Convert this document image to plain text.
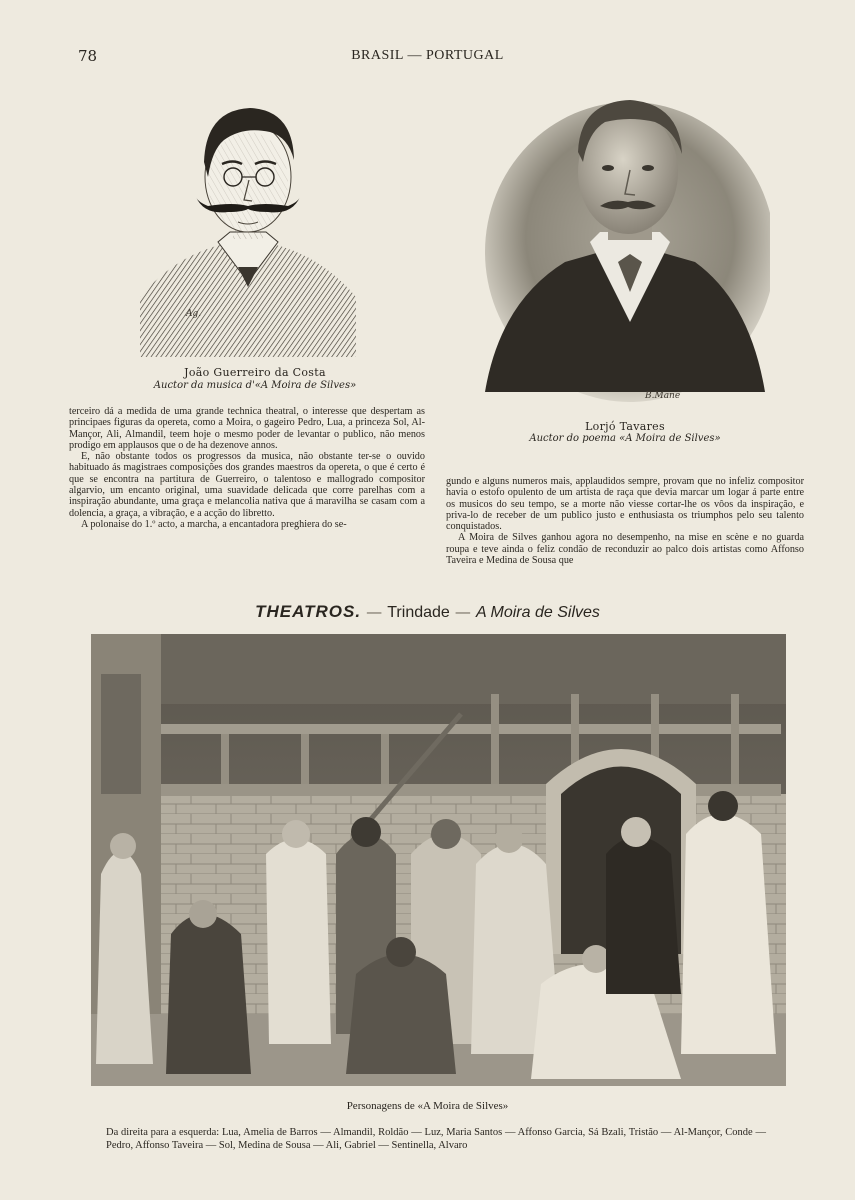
78	BRASIL — PORTUGAL
Ag.
João Guerreiro da Costa
Auctor da musica d'«A Moira de Silves»
B.Mané
Lorjó Tavares
Auctor do poema «A Moira de Silves»

terceiro dá a medida de uma grande technica theatral, o interesse que despertam as principaes figuras da opereta, como a Moira, o gageiro Pedro, Lua, a princeza Sol, Al-Mançor, Ali, Almandil, teem hoje o mesmo poder de levantar o publico, não menos prodigo em applausos que o de ha dezenove annos.

E, não obstante todos os progressos da musica, não obstante ter-se o ouvido habituado ás magistraes composições dos grandes maestros da opereta, o que é certo é que se encontra na partitura de Guerreiro, o talentoso e mallogrado compositor algarvio, um encanto original, uma suavidade delicada que corre parelhas com a inspiração abundante, uma graça e melancolia nativa que á maravilha se casam com a dolencia, a graça, a vibração, e a acção do libretto.

A polonaise do 1.º acto, a marcha, a encantadora preghiera do se-

gundo e alguns numeros mais, applaudidos sempre, provam que no infeliz compositor havia o estofo opulento de um artista de raça que devia marcar um logar á parte entre os musicos do seu tempo, se a morte não viesse cortar-lhe os vôos da inspiração, e priva-lo de receber de um publico justo e enthusiasta os triumphos pelo seu talento conquistados.

A Moira de Silves ganhou agora no desempenho, na mise en scène e no guarda roupa e teve ainda o feliz condão de reconduzir ao palco dois artistas como Affonso Taveira e Medina de Sousa que

THEATROS. — Trindade — A Moira de Silves
Personagens de «A Moira de Silves»
Da direita para a esquerda: Lua, Amelia de Barros — Almandil, Roldão — Luz, Maria Santos — Affonso Garcia, Sá Bzali, Tristão — Al-Mançor, Conde — Pedro, Affonso Taveira — Sol, Medina de Sousa — Ali, Gabriel — Sentinella, Alvaro
